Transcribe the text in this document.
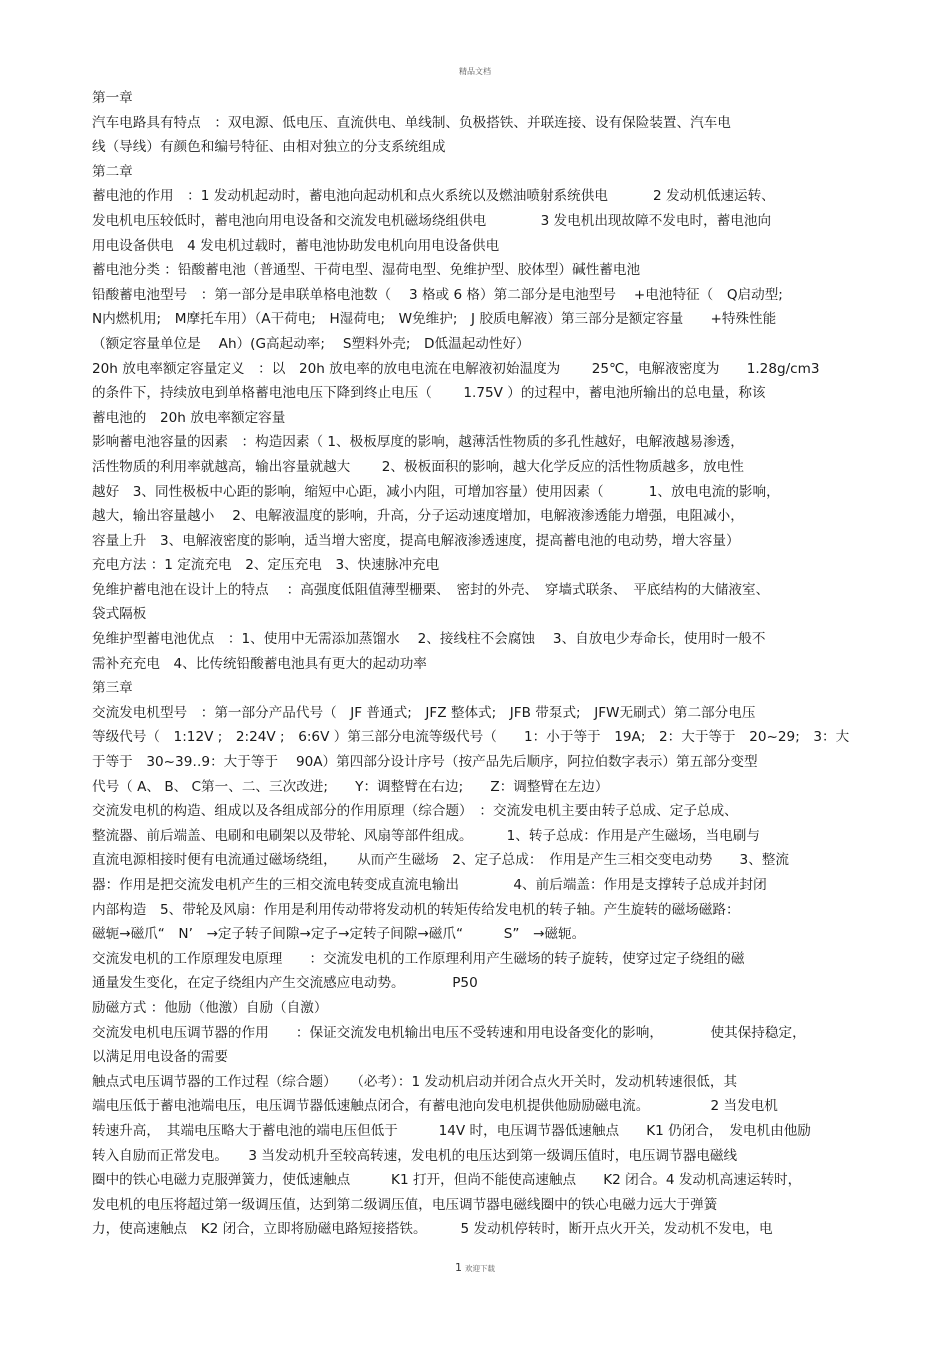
精品文档
第一章
汽车电路具有特点　：双电源、低电压、直流供电、单线制、负极搭铁、并联连接、设有保险装置、汽车电
线（导线）有颜色和编号特征、由相对独立的分支系统组成
第二章
蓄电池的作用　：1 发动机起动时，蓄电池向起动机和点火系统以及燃油喷射系统供电　　　 2 发动机低速运转、
发电机电压较低时，蓄电池向用电设备和交流发电机磁场绕组供电　　　　3 发电机出现故障不发电时，蓄电池向
用电设备供电　4 发电机过载时，蓄电池协助发电机向用电设备供电
蓄电池分类 ：铅酸蓄电池（普通型、干荷电型、湿荷电型、免维护型、胶体型）碱性蓄电池
铅酸蓄电池型号　：第一部分是串联单格电池数（　 3 格或 6 格）第二部分是电池型号　 +电池特征（　Q启动型;
N内燃机用;　M摩托车用）（A干荷电;　H湿荷电;　W免维护;　J 胶质电解液）第三部分是额定容量　　+特殊性能
（额定容量单位是　 Ah）(G高起动率;　 S塑料外壳;　D低温起动性好）
20h 放电率额定容量定义　：以　20h 放电率的放电电流在电解液初始温度为　　 25℃，电解液密度为　　1.28g/cm3
的条件下，持续放电到单格蓄电池电压下降到终止电压（　　 1.75V ）的过程中，蓄电池所输出的总电量，称该
蓄电池的　20h 放电率额定容量
影响蓄电池容量的因素　：构造因素（ 1、极板厚度的影响，越薄活性物质的多孔性越好，电解液越易渗透，
活性物质的利用率就越高，输出容量就越大　　 2、极板面积的影响，越大化学反应的活性物质越多，放电性
越好　3、同性极板中心距的影响，缩短中心距，减小内阻，可增加容量）使用因素（　　　 1、放电电流的影响，
越大，输出容量越小　 2、电解液温度的影响，升高，分子运动速度增加，电解液渗透能力增强，电阻减小，
容量上升　3、电解液密度的影响，适当增大密度，提高电解液渗透速度，提高蓄电池的电动势，增大容量）
充电方法 ：1 定流充电　2、定压充电　3、快速脉冲充电
免维护蓄电池在设计上的特点　 ：高强度低阻值薄型栅栗、　密封的外壳、　穿墙式联条、　平底结构的大储液室、
袋式隔板
免维护型蓄电池优点　：1、使用中无需添加蒸馏水　 2、接线柱不会腐蚀　 3、自放电少寿命长，使用时一般不
需补充充电　4、比传统铅酸蓄电池具有更大的起动功率
第三章
交流发电机型号　：第一部分产品代号（　JF 普通式;　JFZ 整体式;　JFB 带泵式;　JFW无刷式）第二部分电压
等级代号（　1:12V ;　2:24V ;　6:6V ）第三部分电流等级代号（　　1：小于等于　19A;　2：大于等于　20~29;　3：大
于等于　30~39‥9：大于等于　 90A）第四部分设计序号（按产品先后顺序，阿拉伯数字表示）第五部分变型
代号（ A、 B、 C第一、二、三次改进;　　Y：调整臂在右边;　　Z：调整臂在左边）
交流发电机的构造、组成以及各组成部分的作用原理（综合题）　：交流发电机主要由转子总成、定子总成、
整流器、前后端盖、电刷和电刷架以及带轮、风扇等部件组成。　　　1、转子总成：作用是产生磁场，当电刷与
直流电源相接时便有电流通过磁场绕组，　　从而产生磁场　2、定子总成：　作用是产生三相交变电动势　　3、整流
器：作用是把交流发电机产生的三相交流电转变成直流电输出　　　　4、前后端盖：作用是支撑转子总成并封闭
内部构造　5、带轮及风扇：作用是利用传动带将发动机的转矩传给发电机的转子轴。产生旋转的磁场磁路：
磁轭→磁爪“　N’　→定子转子间隙→定子→定转子间隙→磁爪“　　　S”　→磁轭。
交流发电机的工作原理发电原理　　：交流发电机的工作原理利用产生磁场的转子旋转，使穿过定子绕组的磁
通量发生变化，在定子绕组内产生交流感应电动势。　　　　P50
励磁方式 ：他励（他激）自励（自激）
交流发电机电压调节器的作用　　：保证交流发电机输出电压不受转速和用电设备变化的影响，　　　　使其保持稳定，
以满足用电设备的需要
触点式电压调节器的工作过程（综合题）　　（必考）：1 发动机启动并闭合点火开关时，发动机转速很低，其
端电压低于蓄电池端电压，电压调节器低速触点闭合，有蓄电池向发电机提供他励励磁电流。　　　　　2 当发电机
转速升高，　其端电压略大于蓄电池的端电压但低于　　　14V 时，电压调节器低速触点　　K1 仍闭合，　发电机由他励
转入自励而正常发电。　　3 当发动机升至较高转速，发电机的电压达到第一级调压值时，电压调节器电磁线
圈中的铁心电磁力克服弹簧力，使低速触点　　　K1 打开，但尚不能使高速触点　　K2 闭合。4 发动机高速运转时，
发电机的电压将超过第一级调压值，达到第二级调压值，电压调节器电磁线圈中的铁心电磁力远大于弹簧
力，使高速触点　K2 闭合，立即将励磁电路短接搭铁。　　　5 发动机停转时，断开点火开关，发动机不发电，电
1 欢迎下载
